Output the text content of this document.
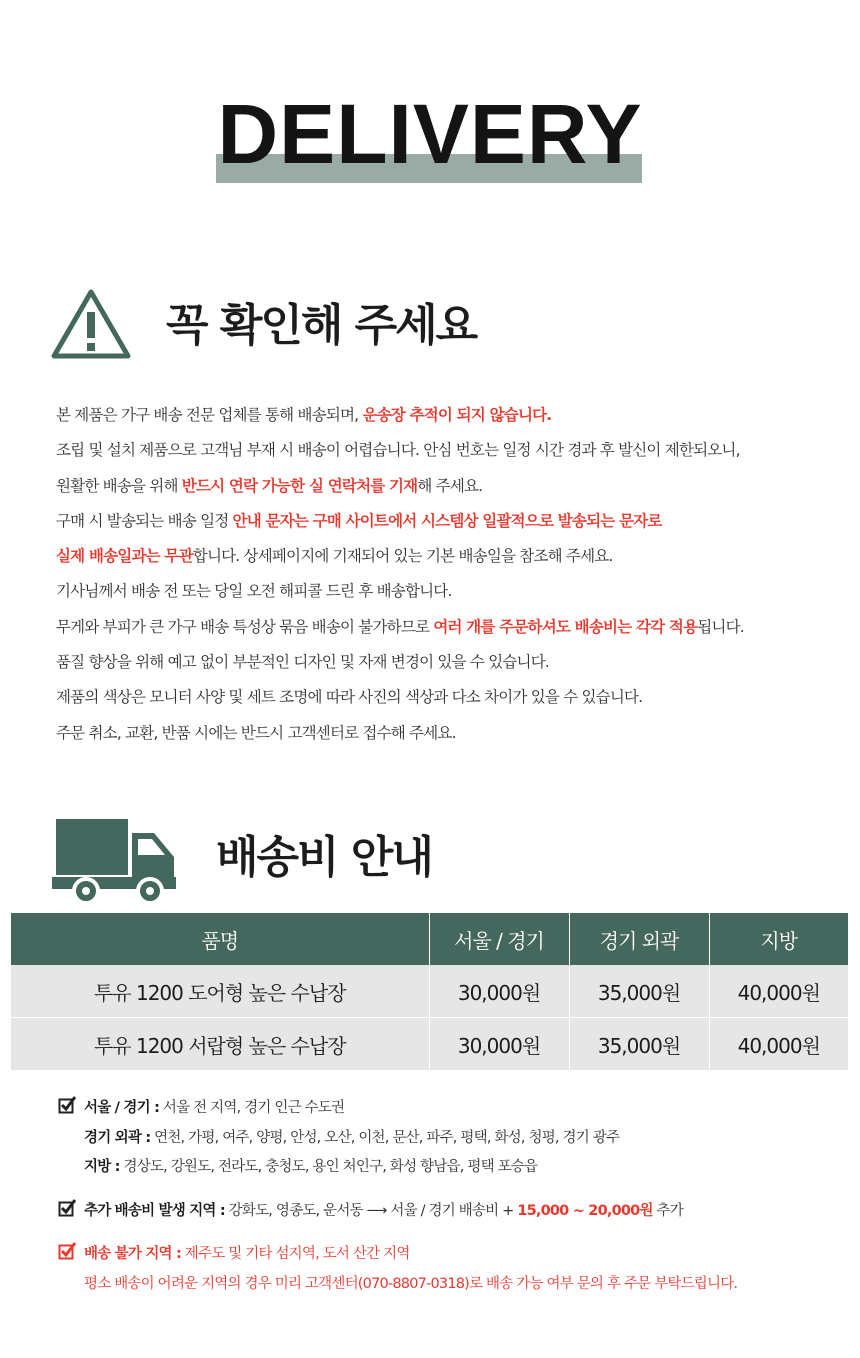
DELIVERY
꼭 확인해 주세요
본 제품은 가구 배송 전문 업체를 통해 배송되며, 운송장 추적이 되지 않습니다.
조립 및 설치 제품으로 고객님 부재 시 배송이 어렵습니다. 안심 번호는 일정 시간 경과 후 발신이 제한되오니,
원활한 배송을 위해 반드시 연락 가능한 실 연락처를 기재해 주세요.
구매 시 발송되는 배송 일정 안내 문자는 구매 사이트에서 시스템상 일괄적으로 발송되는 문자로
실제 배송일과는 무관합니다. 상세페이지에 기재되어 있는 기본 배송일을 참조해 주세요.
기사님께서 배송 전 또는 당일 오전 해피콜 드린 후 배송합니다.
무게와 부피가 큰 가구 배송 특성상 묶음 배송이 불가하므로 여러 개를 주문하셔도 배송비는 각각 적용됩니다.
품질 향상을 위해 예고 없이 부분적인 디자인 및 자재 변경이 있을 수 있습니다.
제품의 색상은 모니터 사양 및 세트 조명에 따라 사진의 색상과 다소 차이가 있을 수 있습니다.
주문 취소, 교환, 반품 시에는 반드시 고객센터로 접수해 주세요.
배송비 안내
품명	서울 / 경기	경기 외곽	지방
투유 1200 도어형 높은 수납장	30,000원	35,000원	40,000원
투유 1200 서랍형 높은 수납장	30,000원	35,000원	40,000원
서울 / 경기 : 서울 전 지역, 경기 인근 수도권
경기 외곽 : 연천, 가평, 여주, 양평, 안성, 오산, 이천, 문산, 파주, 평택, 화성, 청평, 경기 광주
지방 : 경상도, 강원도, 전라도, 충청도, 용인 처인구, 화성 향남읍, 평택 포승읍
추가 배송비 발생 지역 : 강화도, 영종도, 운서동 ⟶ 서울 / 경기 배송비 + 15,000 ~ 20,000원 추가
배송 불가 지역 : 제주도 및 기타 섬지역, 도서 산간 지역
평소 배송이 어려운 지역의 경우 미리 고객센터(070-8807-0318)로 배송 가능 여부 문의 후 주문 부탁드립니다.
